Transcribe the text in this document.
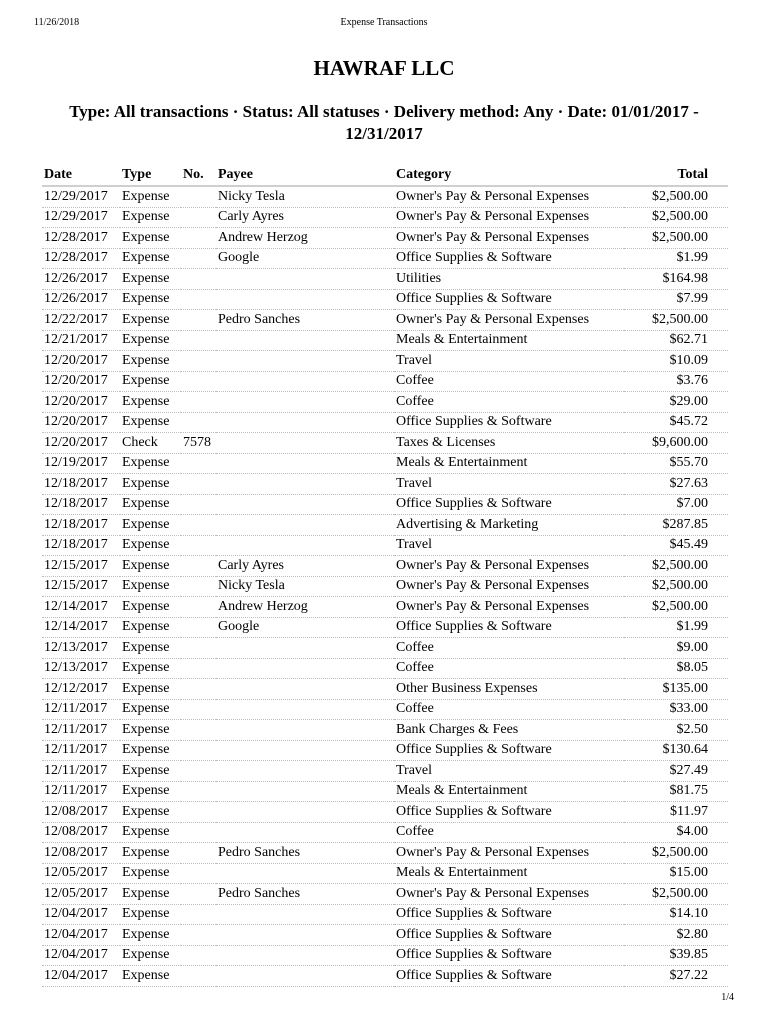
11/26/2018	Expense Transactions
HAWRAF LLC
Type: All transactions · Status: All statuses · Delivery method: Any · Date: 01/01/2017 - 12/31/2017
Date	Type	No.	Payee	Category	Total
12/29/2017	Expense		Nicky Tesla	Owner's Pay & Personal Expenses	$2,500.00
12/29/2017	Expense		Carly Ayres	Owner's Pay & Personal Expenses	$2,500.00
12/28/2017	Expense		Andrew Herzog	Owner's Pay & Personal Expenses	$2,500.00
12/28/2017	Expense		Google	Office Supplies & Software	$1.99
12/26/2017	Expense			Utilities	$164.98
12/26/2017	Expense			Office Supplies & Software	$7.99
12/22/2017	Expense		Pedro Sanches	Owner's Pay & Personal Expenses	$2,500.00
12/21/2017	Expense			Meals & Entertainment	$62.71
12/20/2017	Expense			Travel	$10.09
12/20/2017	Expense			Coffee	$3.76
12/20/2017	Expense			Coffee	$29.00
12/20/2017	Expense			Office Supplies & Software	$45.72
12/20/2017	Check	7578		Taxes & Licenses	$9,600.00
12/19/2017	Expense			Meals & Entertainment	$55.70
12/18/2017	Expense			Travel	$27.63
12/18/2017	Expense			Office Supplies & Software	$7.00
12/18/2017	Expense			Advertising & Marketing	$287.85
12/18/2017	Expense			Travel	$45.49
12/15/2017	Expense		Carly Ayres	Owner's Pay & Personal Expenses	$2,500.00
12/15/2017	Expense		Nicky Tesla	Owner's Pay & Personal Expenses	$2,500.00
12/14/2017	Expense		Andrew Herzog	Owner's Pay & Personal Expenses	$2,500.00
12/14/2017	Expense		Google	Office Supplies & Software	$1.99
12/13/2017	Expense			Coffee	$9.00
12/13/2017	Expense			Coffee	$8.05
12/12/2017	Expense			Other Business Expenses	$135.00
12/11/2017	Expense			Coffee	$33.00
12/11/2017	Expense			Bank Charges & Fees	$2.50
12/11/2017	Expense			Office Supplies & Software	$130.64
12/11/2017	Expense			Travel	$27.49
12/11/2017	Expense			Meals & Entertainment	$81.75
12/08/2017	Expense			Office Supplies & Software	$11.97
12/08/2017	Expense			Coffee	$4.00
12/08/2017	Expense		Pedro Sanches	Owner's Pay & Personal Expenses	$2,500.00
12/05/2017	Expense			Meals & Entertainment	$15.00
12/05/2017	Expense		Pedro Sanches	Owner's Pay & Personal Expenses	$2,500.00
12/04/2017	Expense			Office Supplies & Software	$14.10
12/04/2017	Expense			Office Supplies & Software	$2.80
12/04/2017	Expense			Office Supplies & Software	$39.85
12/04/2017	Expense			Office Supplies & Software	$27.22
1/4
